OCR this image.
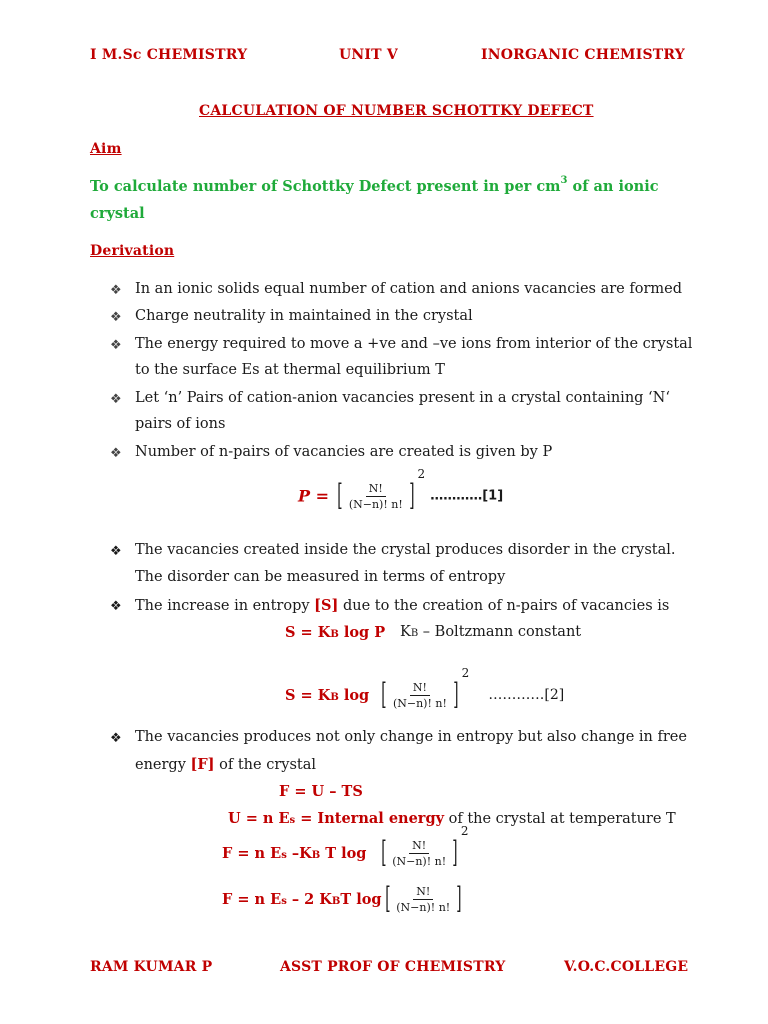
I M.Sc CHEMISTRY	UNIT V	INORGANIC CHEMISTRY
CALCULATION OF NUMBER SCHOTTKY DEFECT
Aim
To calculate number of Schottky Defect present in per $cm^3$ of an ionic
crystal
Derivation
❖ In an ionic solids equal number of cation and anions vacancies are formed
❖ Charge neutrality in maintained in the crystal
❖ The energy required to move a +ve and –ve ions from interior of the crystal
to the surface Es at thermal equilibrium T
❖ Let ‘n’ Pairs of cation-anion vacancies present in a crystal containing ‘N‘
pairs of ions
❖ Number of n-pairs of vacancies are created is given by P
P = [ $\frac{N!}{(N-n)! n!} ]^2$ …………[1]
❖ The vacancies created inside the crystal produces disorder in the crystal.
The disorder can be measured in terms of entropy
❖ The increase in entropy [S] due to the creation of n-pairs of vacancies is
S = KB log P KB – Boltzmann constant
S = KB log [ $\frac{N!}{(N-n)! n!} ]^2$ …………[2]
❖ The vacancies produces not only change in entropy but also change in free
energy [F] of the crystal
F = U – TS
U = n Es = Internal energy of the crystal at temperature T
F = n Es –KB T log [ $\frac{N!}{(N-n)! n!} ]^2$
F = n Es – 2 KBT log [ $\frac{N!}{(N-n)! n!}$ ]
RAM KUMAR P	ASST PROF OF CHEMISTRY	V.O.C.COLLEGE
